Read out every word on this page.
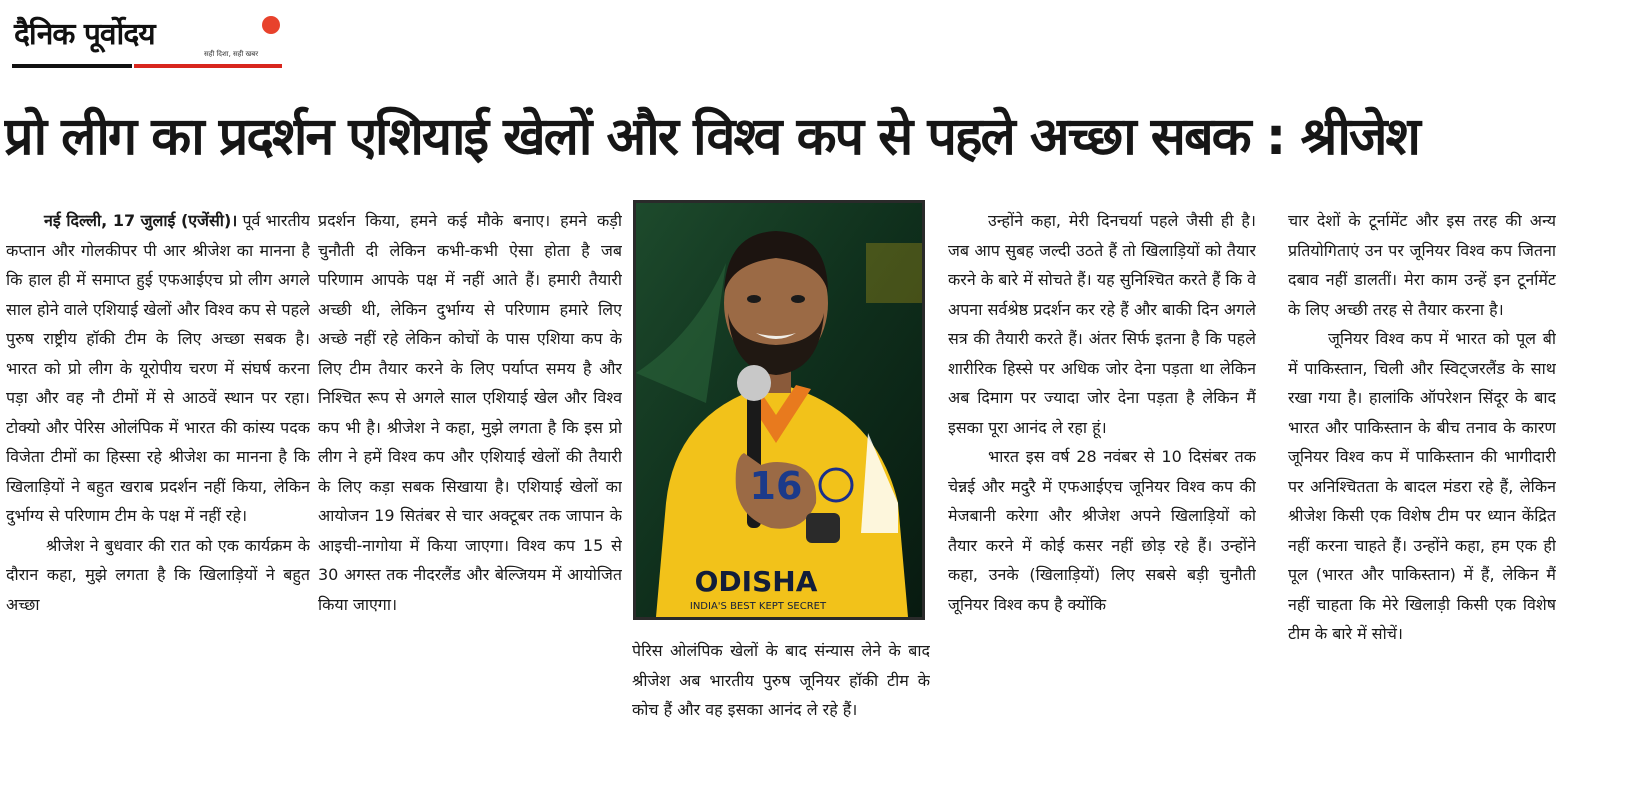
दैनिक पूर्वोदय
सही दिशा, सही खबर
प्रो लीग का प्रदर्शन एशियाई खेलों और विश्व कप से पहले अच्छा सबक : श्रीजेश

नई दिल्ली, 17 जुलाई (एजेंसी)। पूर्व भारतीय कप्तान और गोलकीपर पी आर श्रीजेश का मानना है कि हाल ही में समाप्त हुई एफआईएच प्रो लीग अगले साल होने वाले एशियाई खेलों और विश्व कप से पहले पुरुष राष्ट्रीय हॉकी टीम के लिए अच्छा सबक है। भारत को प्रो लीग के यूरोपीय चरण में संघर्ष करना पड़ा और वह नौ टीमों में से आठवें स्थान पर रहा। टोक्यो और पेरिस ओलंपिक में भारत की कांस्य पदक विजेता टीमों का हिस्सा रहे श्रीजेश का मानना है कि खिलाड़ियों ने बहुत खराब प्रदर्शन नहीं किया, लेकिन दुर्भाग्य से परिणाम टीम के पक्ष में नहीं रहे।

श्रीजेश ने बुधवार की रात को एक कार्यक्रम के दौरान कहा, मुझे लगता है कि खिलाड़ियों ने बहुत अच्छा

प्रदर्शन किया, हमने कई मौके बनाए। हमने कड़ी चुनौती दी लेकिन कभी-कभी ऐसा होता है जब परिणाम आपके पक्ष में नहीं आते हैं। हमारी तैयारी अच्छी थी, लेकिन दुर्भाग्य से परिणाम हमारे लिए अच्छे नहीं रहे लेकिन कोचों के पास एशिया कप के लिए टीम तैयार करने के लिए पर्याप्त समय है और निश्चित रूप से अगले साल एशियाई खेल और विश्व कप भी है। श्रीजेश ने कहा, मुझे लगता है कि इस प्रो लीग ने हमें विश्व कप और एशियाई खेलों की तैयारी के लिए कड़ा सबक सिखाया है। एशियाई खेलों का आयोजन 19 सितंबर से चार अक्टूबर तक जापान के आइची-नागोया में किया जाएगा। विश्व कप 15 से 30 अगस्त तक नीदरलैंड और बेल्जियम में आयोजित किया जाएगा।

16
ODISHA
INDIA'S BEST KEPT SECRET
पेरिस ओलंपिक खेलों के बाद संन्यास लेने के बाद श्रीजेश अब भारतीय पुरुष जूनियर हॉकी टीम के कोच हैं और वह इसका आनंद ले रहे हैं।

उन्होंने कहा, मेरी दिनचर्या पहले जैसी ही है। जब आप सुबह जल्दी उठते हैं तो खिलाड़ियों को तैयार करने के बारे में सोचते हैं। यह सुनिश्चित करते हैं कि वे अपना सर्वश्रेष्ठ प्रदर्शन कर रहे हैं और बाकी दिन अगले सत्र की तैयारी करते हैं। अंतर सिर्फ इतना है कि पहले शारीरिक हिस्से पर अधिक जोर देना पड़ता था लेकिन अब दिमाग पर ज्यादा जोर देना पड़ता है लेकिन मैं इसका पूरा आनंद ले रहा हूं।

भारत इस वर्ष 28 नवंबर से 10 दिसंबर तक चेन्नई और मदुरै में एफआईएच जूनियर विश्व कप की मेजबानी करेगा और श्रीजेश अपने खिलाड़ियों को तैयार करने में कोई कसर नहीं छोड़ रहे हैं। उन्होंने कहा, उनके (खिलाड़ियों) लिए सबसे बड़ी चुनौती जूनियर विश्व कप है क्योंकि

चार देशों के टूर्नामेंट और इस तरह की अन्य प्रतियोगिताएं उन पर जूनियर विश्व कप जितना दबाव नहीं डालतीं। मेरा काम उन्हें इन टूर्नामेंट के लिए अच्छी तरह से तैयार करना है।

जूनियर विश्व कप में भारत को पूल बी में पाकिस्तान, चिली और स्विट्जरलैंड के साथ रखा गया है। हालांकि ऑपरेशन सिंदूर के बाद भारत और पाकिस्तान के बीच तनाव के कारण जूनियर विश्व कप में पाकिस्तान की भागीदारी पर अनिश्चितता के बादल मंडरा रहे हैं, लेकिन श्रीजेश किसी एक विशेष टीम पर ध्यान केंद्रित नहीं करना चाहते हैं। उन्होंने कहा, हम एक ही पूल (भारत और पाकिस्तान) में हैं, लेकिन मैं नहीं चाहता कि मेरे खिलाड़ी किसी एक विशेष टीम के बारे में सोचें।
